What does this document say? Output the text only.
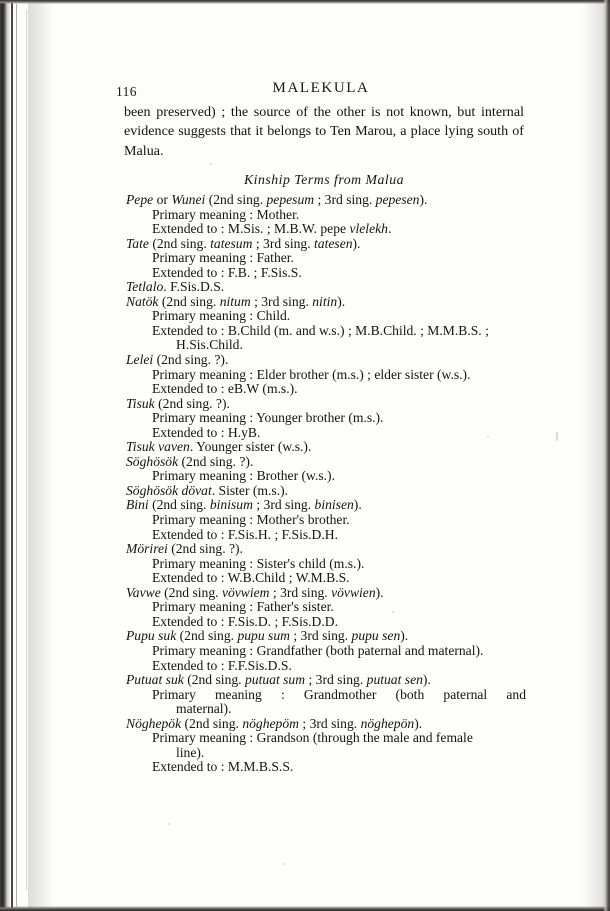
116	MALEKULA
been preserved) ; the source of the other is not known, but internal evidence suggests that it belongs to Ten Marou, a place lying south of Malua.
Kinship Terms from Malua
Pepe or Wunei (2nd sing. pepesum ; 3rd sing. pepesen).
Primary meaning : Mother.
Extended to : M.Sis. ; M.B.W. pepe vlelekh.
Tate (2nd sing. tatesum ; 3rd sing. tatesen).
Primary meaning : Father.
Extended to : F.B. ; F.Sis.S.
Tetlalo. F.Sis.D.S.
Natök (2nd sing. nitum ; 3rd sing. nitin).
Primary meaning : Child.
Extended to : B.Child (m. and w.s.) ; M.B.Child. ; M.M.B.S. ;
H.Sis.Child.
Lelei (2nd sing. ?).
Primary meaning : Elder brother (m.s.) ; elder sister (w.s.).
Extended to : eB.W (m.s.).
Tisuk (2nd sing. ?).
Primary meaning : Younger brother (m.s.).
Extended to : H.yB.
Tisuk vaven. Younger sister (w.s.).
Söghösök (2nd sing. ?).
Primary meaning : Brother (w.s.).
Söghösök dövat. Sister (m.s.).
Bini (2nd sing. binisum ; 3rd sing. binisen).
Primary meaning : Mother's brother.
Extended to : F.Sis.H. ; F.Sis.D.H.
Mörirei (2nd sing. ?).
Primary meaning : Sister's child (m.s.).
Extended to : W.B.Child ; W.M.B.S.
Vavwe (2nd sing. vövwiem ; 3rd sing. vövwien).
Primary meaning : Father's sister.
Extended to : F.Sis.D. ; F.Sis.D.D.
Pupu suk (2nd sing. pupu sum ; 3rd sing. pupu sen).
Primary meaning : Grandfather (both paternal and maternal).
Extended to : F.F.Sis.D.S.
Putuat suk (2nd sing. putuat sum ; 3rd sing. putuat sen).
Primary meaning : Grandmother (both paternal and
maternal).
Nöghepök (2nd sing. nöghepöm ; 3rd sing. nöghepön).
Primary meaning : Grandson (through the male and female
line).
Extended to : M.M.B.S.S.
